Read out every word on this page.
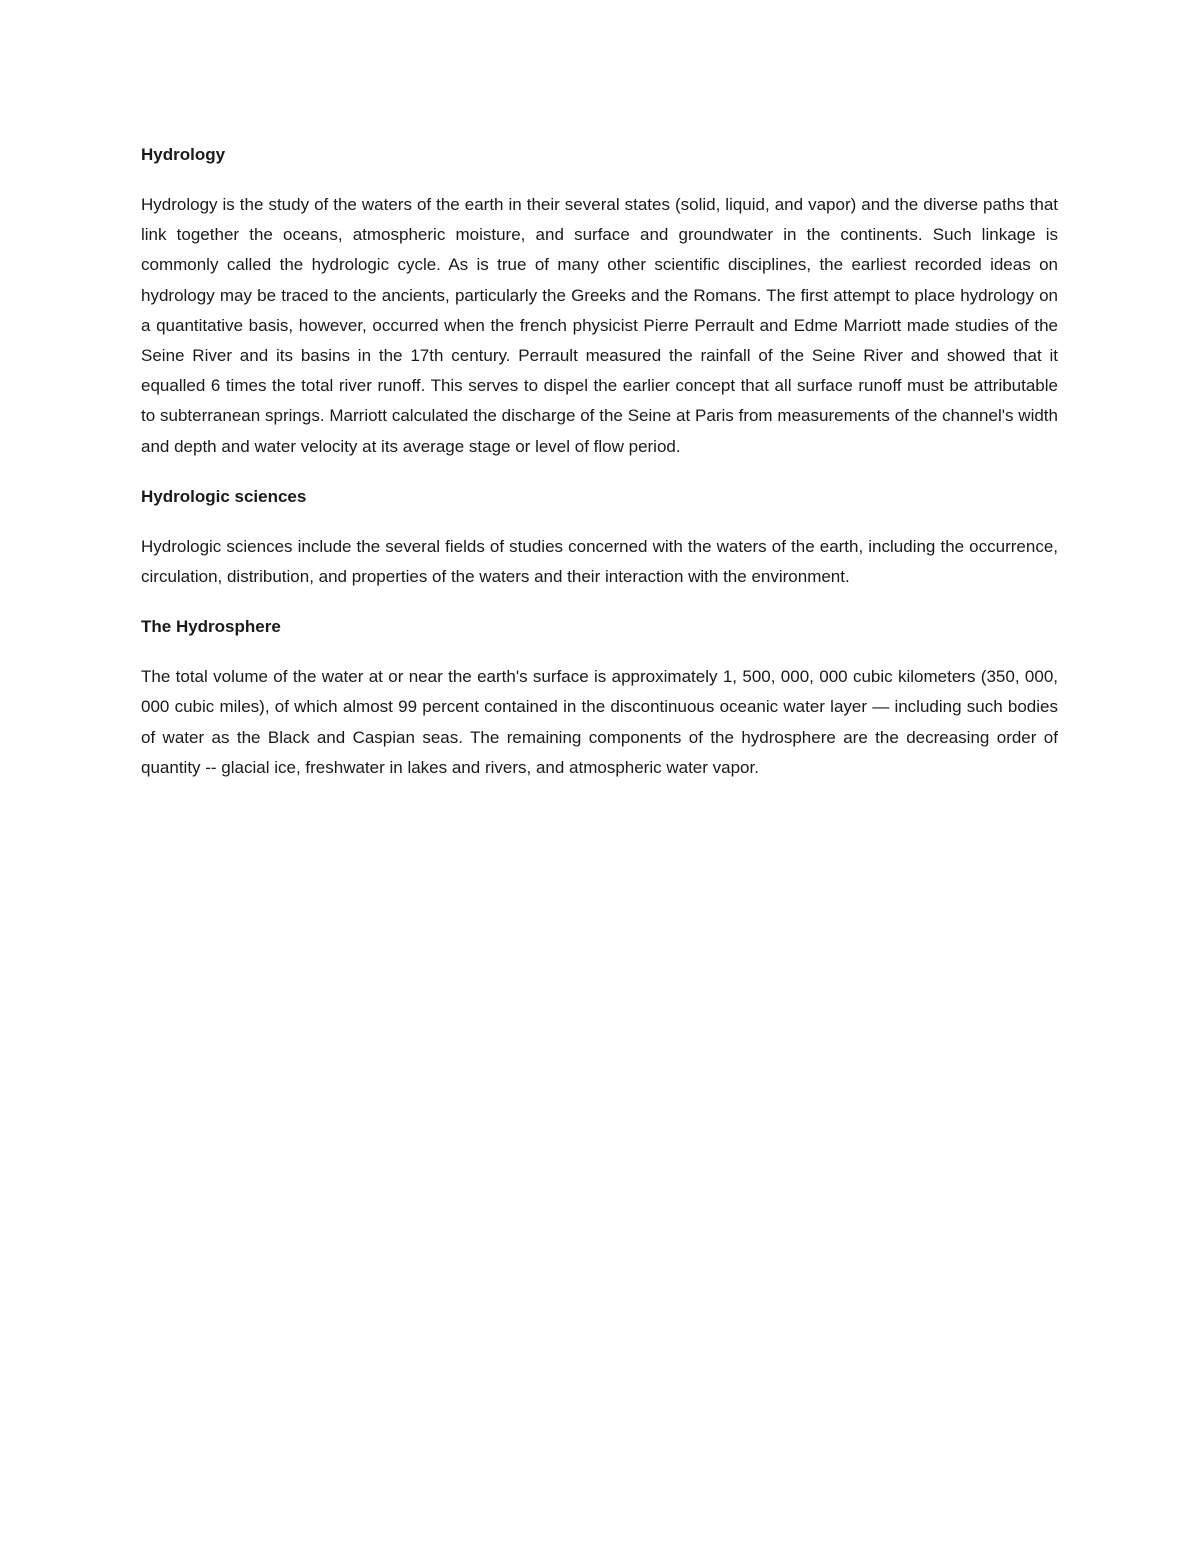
Hydrology

Hydrology is the study of the waters of the earth in their several states (solid, liquid, and vapor) and the diverse paths that link together the oceans, atmospheric moisture, and surface and groundwater in the continents. Such linkage is commonly called the hydrologic cycle. As is true of many other scientific disciplines, the earliest recorded ideas on hydrology may be traced to the ancients, particularly the Greeks and the Romans. The first attempt to place hydrology on a quantitative basis, however, occurred when the french physicist Pierre Perrault and Edme Marriott made studies of the Seine River and its basins in the 17th century. Perrault measured the rainfall of the Seine River and showed that it equalled 6 times the total river runoff. This serves to dispel the earlier concept that all surface runoff must be attributable to subterranean springs. Marriott calculated the discharge of the Seine at Paris from measurements of the channel's width and depth and water velocity at its average stage or level of flow period.

Hydrologic sciences

Hydrologic sciences include the several fields of studies concerned with the waters of the earth, including the occurrence, circulation, distribution, and properties of the waters and their interaction with the environment.

The Hydrosphere

The total volume of the water at or near the earth's surface is approximately 1, 500, 000, 000 cubic kilometers (350, 000, 000 cubic miles), of which almost 99 percent contained in the discontinuous oceanic water layer — including such bodies of water as the Black and Caspian seas. The remaining components of the hydrosphere are the decreasing order of quantity -- glacial ice, freshwater in lakes and rivers, and atmospheric water vapor.
